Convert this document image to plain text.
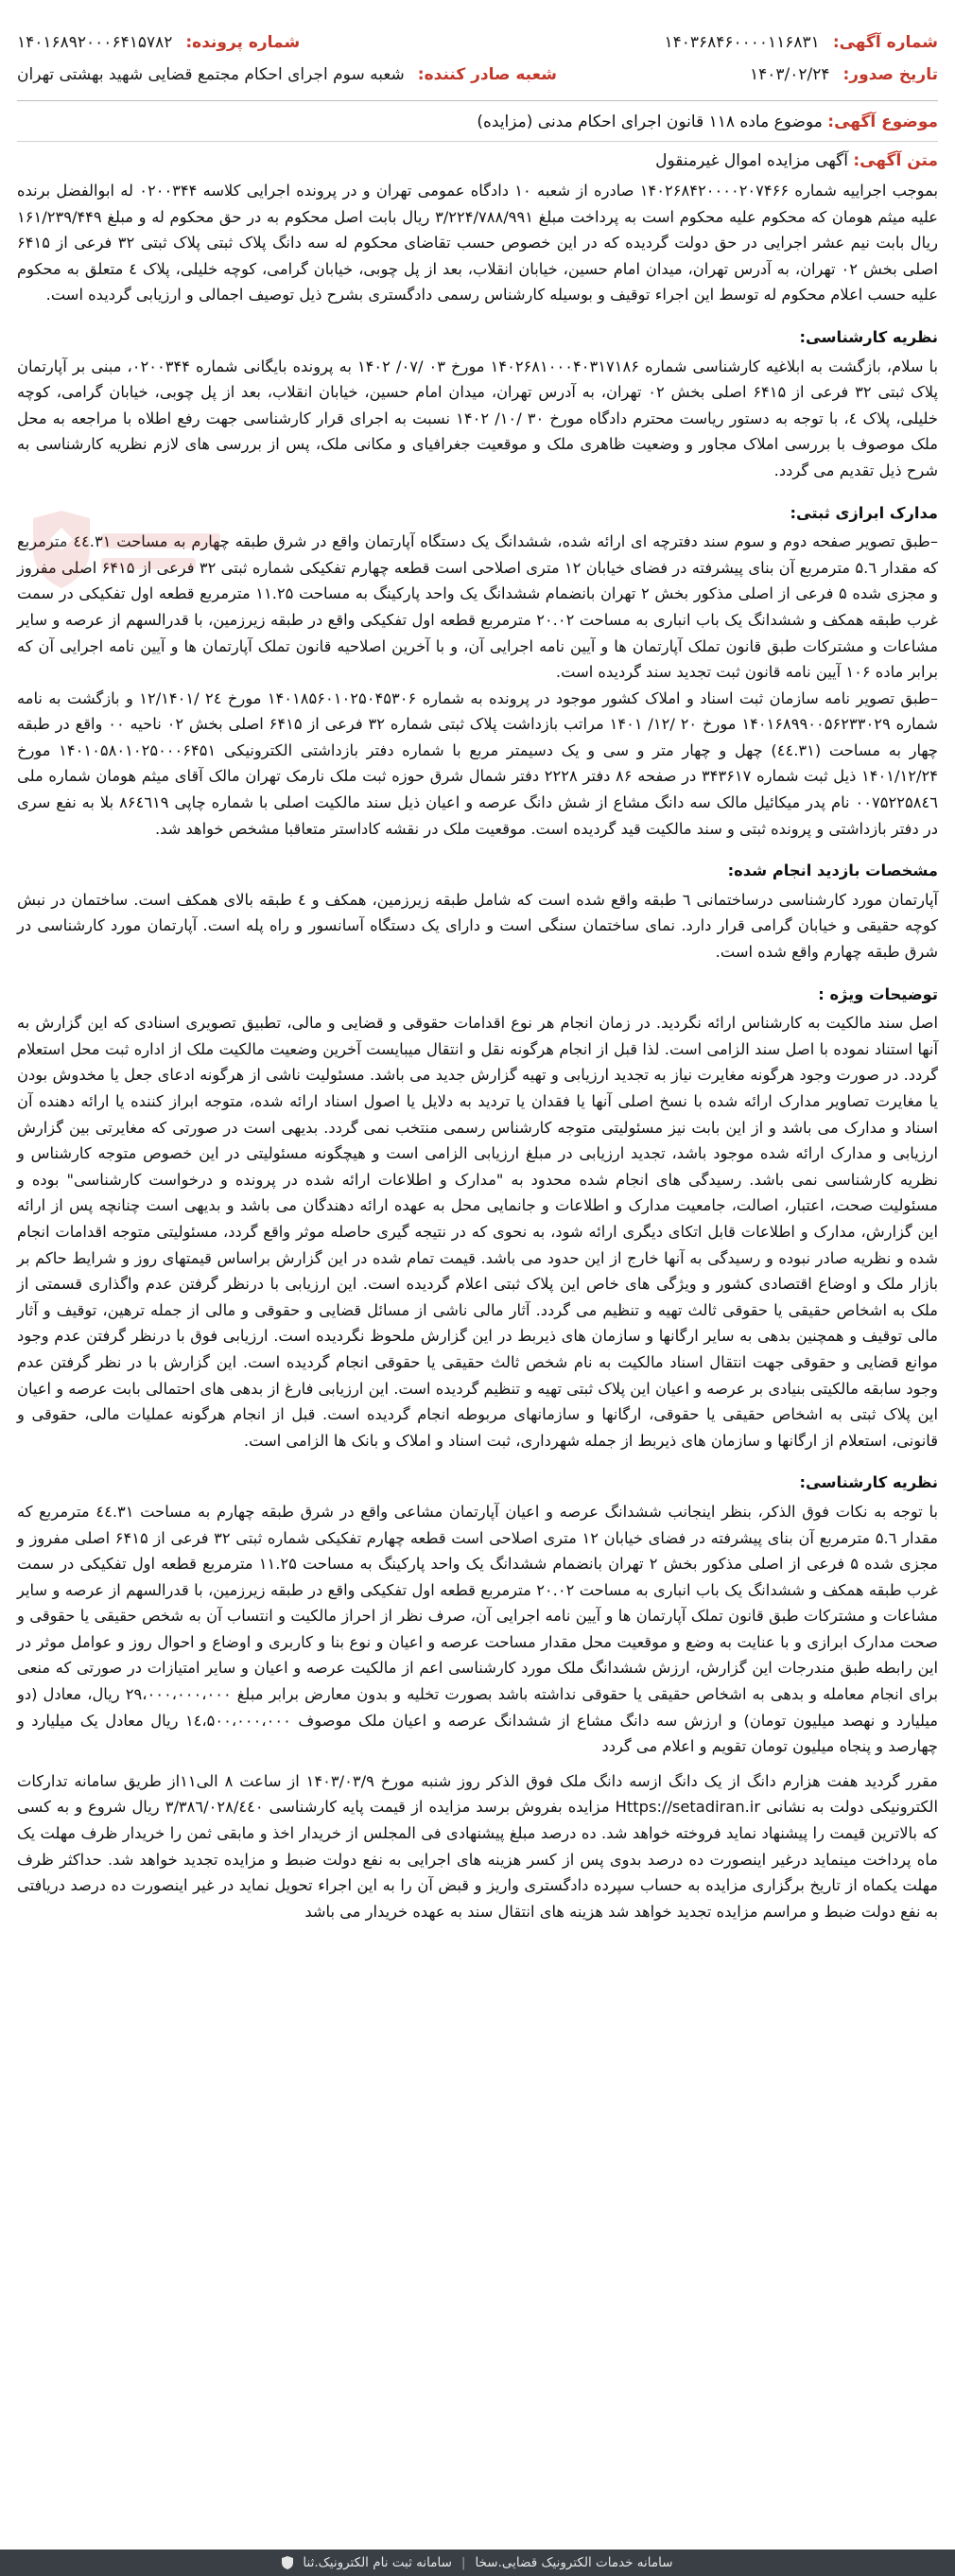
شماره آگهی:
۱۴۰۳۶۸۴۶۰۰۰۰۱۱۶۸۳۱
شماره پرونده:
۱۴۰۱۶۸۹۲۰۰۰۶۴۱۵۷۸۲
تاریخ صدور:
۱۴۰۳/۰۲/۲۴
شعبه صادر کننده:
شعبه سوم اجرای احکام مجتمع قضایی شهید بهشتی تهران
موضوع آگهی: موضوع ماده ۱۱۸ قانون اجرای احکام مدنی (مزایده)
متن آگهی: آگهی مزایده اموال غیرمنقول

بموجب اجراییه شماره ۱۴۰۲۶۸۴۲۰۰۰۰۲۰۷۴۶۶ صادره از شعبه ۱۰ دادگاه عمومی تهران و در پرونده اجرایی کلاسه ۰۲۰۰۳۴۴ له ابوالفضل برنده علیه میثم هومان که محکوم علیه محکوم است به پرداخت مبلغ ۳/۲۲۴/۷۸۸/۹۹۱ ریال بابت اصل محکوم به در حق محکوم له و مبلغ ۱۶۱/۲۳۹/۴۴۹ ریال بابت نیم عشر اجرایی در حق دولت گردیده که در این خصوص حسب تقاضای محکوم له سه دانگ پلاک ثبتی پلاک ثبتی ۳۲ فرعی از ۶۴۱۵ اصلی بخش ۰۲ تهران، به آدرس تهران، میدان امام حسین، خیابان انقلاب، بعد از پل چوبی، خیابان گرامی، کوچه خلیلی، پلاک ٤ متعلق به محکوم علیه حسب اعلام محکوم له توسط این اجراء توقیف و بوسیله کارشناس رسمی دادگستری بشرح ذیل توصیف اجمالی و ارزیابی گردیده است.

نظریه کارشناسی:

با سلام، بازگشت به ابلاغیه کارشناسی شماره ۱۴۰۲۶۸۱۰۰۰۴۰۳۱۷۱۸۶ مورخ ۰۳ /۰۷/ ۱۴۰۲ به پرونده بایگانی شماره ۰۲۰۰۳۴۴، مبنی بر آپارتمان پلاک ثبتی ۳۲ فرعی از ۶۴۱۵ اصلی بخش ۰۲ تهران، به آدرس تهران، میدان امام حسین، خیابان انقلاب، بعد از پل چوبی، خیابان گرامی، کوچه خلیلی، پلاک ٤، با توجه به دستور ریاست محترم دادگاه مورخ ۳۰ /۱۰/ ۱۴۰۲ نسبت به اجرای قرار کارشناسی جهت رفع اطلاه با مراجعه به محل ملک موصوف با بررسی املاک مجاور و وضعیت ظاهری ملک و موقعیت جغرافیای و مکانی ملک، پس از بررسی های لازم نظریه کارشناسی به شرح ذیل تقدیم می گردد.

مدارک ابرازی ثبتی:

–طبق تصویر صفحه دوم و سوم سند دفترچه ای ارائه شده، ششدانگ یک دستگاه آپارتمان واقع در شرق طبقه چهارم به مساحت ٤٤.۳۱ مترمربع که مقدار ۵.٦ مترمربع آن بنای پیشرفته در فضای خیابان ۱۲ متری اصلاحی است قطعه چهارم تفکیکی شماره ثبتی ۳۲ فرعی از ۶۴۱۵ اصلی مفروز و مجزی شده ۵ فرعی از اصلی مذکور بخش ۲ تهران بانضمام ششدانگ یک واحد پارکینگ به مساحت ۱۱.۲۵ مترمربع قطعه اول تفکیکی در سمت غرب طبقه همکف و ششدانگ یک باب انباری به مساحت ۲۰.۰۲ مترمربع قطعه اول تفکیکی واقع در طبقه زیرزمین، با قدرالسهم از عرصه و سایر مشاعات و مشترکات طبق قانون تملک آپارتمان ها و آیین نامه اجرایی آن، و با آخرین اصلاحیه قانون تملک آپارتمان ها و آیین نامه اجرایی آن که برابر ماده ۱۰۶ آیین نامه قانون ثبت تجدید سند گردیده است.

–طبق تصویر نامه سازمان ثبت اسناد و املاک کشور موجود در پرونده به شماره ۱۴۰۱۸۵۶۰۱۰۲۵۰۴۵۳۰۶ مورخ ۲٤ /۱۲/۱۴۰۱ و بازگشت به نامه شماره ۱۴۰۱۶۸۹۹۰۰۵۶۲۳۳۰۲۹ مورخ ۲۰ /۱۲/ ۱۴۰۱ مراتب بازداشت پلاک ثبتی شماره ۳۲ فرعی از ۶۴۱۵ اصلی بخش ۰۲ ناحیه ۰۰ واقع در طبقه چهار به مساحت (٤٤.۳۱) چهل و چهار متر و سی و یک دسیمتر مربع با شماره دفتر بازداشتی الکترونیکی ۱۴۰۱۰۵۸۰۱۰۲۵۰۰۰۶۴۵۱ مورخ ۱۴۰۱/۱۲/۲۴ ذیل ثبت شماره ۳۴۳۶۱۷ در صفحه ۸۶ دفتر ۲۲۲۸ دفتر شمال شرق حوزه ثبت ملک نارمک تهران مالک آقای میثم هومان شماره ملی ۰۰۷۵۲۲۵۸٤٦ نام پدر میکائیل مالک سه دانگ مشاع از شش دانگ عرصه و اعیان ذیل سند مالکیت اصلی با شماره چاپی ۸۶٤٦۱۹ بلا به نفع سری در دفتر بازداشتی و پرونده ثبتی و سند مالکیت قید گردیده است. موقعیت ملک در نقشه کاداستر متعاقبا مشخص خواهد شد.

مشخصات بازدید انجام شده:

آپارتمان مورد کارشناسی درساختمانی ٦ طبقه واقع شده است که شامل طبقه زیرزمین، همکف و ٤ طبقه بالای همکف است. ساختمان در نبش کوچه حقیقی و خیابان گرامی قرار دارد. نمای ساختمان سنگی است و دارای یک دستگاه آسانسور و راه پله است. آپارتمان مورد کارشناسی در شرق طبقه چهارم واقع شده است.

توضیحات ویژه :

اصل سند مالکیت به کارشناس ارائه نگردید. در زمان انجام هر نوع اقدامات حقوقی و قضایی و مالی، تطبیق تصویری اسنادی که این گزارش به آنها استناد نموده با اصل سند الزامی است. لذا قبل از انجام هرگونه نقل و انتقال میبایست آخرین وضعیت مالکیت ملک از اداره ثبت محل استعلام گردد. در صورت وجود هرگونه مغایرت نیاز به تجدید ارزیابی و تهیه گزارش جدید می باشد. مسئولیت ناشی از هرگونه ادعای جعل یا مخدوش بودن یا مغایرت تصاویر مدارک ارائه شده با نسخ اصلی آنها یا فقدان یا تردید به دلایل یا اصول اسناد ارائه شده، متوجه ابراز کننده یا ارائه دهنده آن اسناد و مدارک می باشد و از این بابت نیز مسئولیتی متوجه کارشناس رسمی منتخب نمی گردد. بدیهی است در صورتی که مغایرتی بین گزارش ارزیابی و مدارک ارائه شده موجود باشد، تجدید ارزیابی در مبلغ ارزیابی الزامی است و هیچگونه مسئولیتی در این خصوص متوجه کارشناس و نظریه کارشناسی نمی باشد. رسیدگی های انجام شده محدود به "مدارک و اطلاعات ارائه شده در پرونده و درخواست کارشناسی" بوده و مسئولیت صحت، اعتبار، اصالت، جامعیت مدارک و اطلاعات و جانمایی محل به عهده ارائه دهندگان می باشد و بدیهی است چنانچه پس از ارائه این گزارش، مدارک و اطلاعات قابل اتکای دیگری ارائه شود، به نحوی که در نتیجه گیری حاصله موثر واقع گردد، مسئولیتی متوجه اقدامات انجام شده و نظریه صادر نبوده و رسیدگی به آنها خارج از این حدود می باشد. قیمت تمام شده در این گزارش براساس قیمتهای روز و شرایط حاکم بر بازار ملک و اوضاع اقتصادی کشور و ویژگی های خاص این پلاک ثبتی اعلام گردیده است. این ارزیابی با درنظر گرفتن عدم واگذاری قسمتی از ملک به اشخاص حقیقی یا حقوقی ثالث تهیه و تنظیم می گردد. آثار مالی ناشی از مسائل قضایی و حقوقی و مالی از جمله ترهین، توقیف و آثار مالی توقیف و همچنین بدهی به سایر ارگانها و سازمان های ذیربط در این گزارش ملحوظ نگردیده است. ارزیابی فوق با درنظر گرفتن عدم وجود موانع قضایی و حقوقی جهت انتقال اسناد مالکیت به نام شخص ثالث حقیقی یا حقوقی انجام گردیده است. این گزارش با در نظر گرفتن عدم وجود سابقه مالکیتی بنیادی بر عرصه و اعیان این پلاک ثبتی تهیه و تنظیم گردیده است. این ارزیابی فارغ از بدهی های احتمالی بابت عرصه و اعیان این پلاک ثبتی به اشخاص حقیقی یا حقوقی، ارگانها و سازمانهای مربوطه انجام گردیده است. قبل از انجام هرگونه عملیات مالی، حقوقی و قانونی، استعلام از ارگانها و سازمان های ذیربط از جمله شهرداری، ثبت اسناد و املاک و بانک ها الزامی است.

نظریه کارشناسی:

با توجه به نکات فوق الذکر، بنظر اینجانب ششدانگ عرصه و اعیان آپارتمان مشاعی واقع در شرق طبقه چهارم به مساحت ٤٤.۳۱ مترمربع که مقدار ۵.٦ مترمربع آن بنای پیشرفته در فضای خیابان ۱۲ متری اصلاحی است قطعه چهارم تفکیکی شماره ثبتی ۳۲ فرعی از ۶۴۱۵ اصلی مفروز و مجزی شده ۵ فرعی از اصلی مذکور بخش ۲ تهران بانضمام ششدانگ یک واحد پارکینگ به مساحت ۱۱.۲۵ مترمربع قطعه اول تفکیکی در سمت غرب طبقه همکف و ششدانگ یک باب انباری به مساحت ۲۰.۰۲ مترمربع قطعه اول تفکیکی واقع در طبقه زیرزمین، با قدرالسهم از عرصه و سایر مشاعات و مشترکات طبق قانون تملک آپارتمان ها و آیین نامه اجرایی آن، صرف نظر از احراز مالکیت و انتساب آن به شخص حقیقی یا حقوقی و صحت مدارک ابرازی و با عنایت به وضع و موقعیت محل مقدار مساحت عرصه و اعیان و نوع بنا و کاربری و اوضاع و احوال روز و عوامل موثر در این رابطه طبق مندرجات این گزارش، ارزش ششدانگ ملک مورد کارشناسی اعم از مالکیت عرصه و اعیان و سایر امتیازات در صورتی که منعی برای انجام معامله و بدهی به اشخاص حقیقی یا حقوقی نداشته باشد بصورت تخلیه و بدون معارض برابر مبلغ ۲۹،۰۰۰،۰۰۰،۰۰۰ ریال، معادل (دو میلیارد و نهصد میلیون تومان) و ارزش سه دانگ مشاع از ششدانگ عرصه و اعیان ملک موصوف ۱٤،۵۰۰،۰۰۰،۰۰۰ ریال معادل یک میلیارد و چهارصد و پنجاه میلیون تومان تقویم و اعلام می گردد

مقرر گردید هفت هزارم دانگ از یک دانگ ازسه دانگ ملک فوق الذکر روز شنبه مورخ ۱۴۰۳/۰۳/۹ از ساعت ۸ الی۱۱از طریق سامانه تدارکات الکترونیکی دولت به نشانی Https://setadiran.ir مزایده بفروش برسد مزایده از قیمت پایه کارشناسی ۳/۳۸٦/۰۲۸/٤٤٠ ریال شروع و به کسی که بالاترین قیمت را پیشنهاد نماید فروخته خواهد شد. ده درصد مبلغ پیشنهادی فی المجلس از خریدار اخذ و مابقی ثمن را خریدار ظرف مهلت یک ماه پرداخت مینماید درغیر اینصورت ده درصد بدوی پس از کسر هزینه های اجرایی به نفع دولت ضبط و مزایده تجدید خواهد شد. حداکثر ظرف مهلت یکماه از تاریخ برگزاری مزایده به حساب سپرده دادگستری واریز و قبض آن را به این اجراء تحویل نماید در غیر اینصورت ده درصد دریافتی به نفع دولت ضبط و مراسم مزایده تجدید خواهد شد هزینه های انتقال سند به عهده خریدار می باشد

سامانه خدمات الکترونیک قضایی.سخا
|
سامانه ثبت نام الکترونیک.ثنا
